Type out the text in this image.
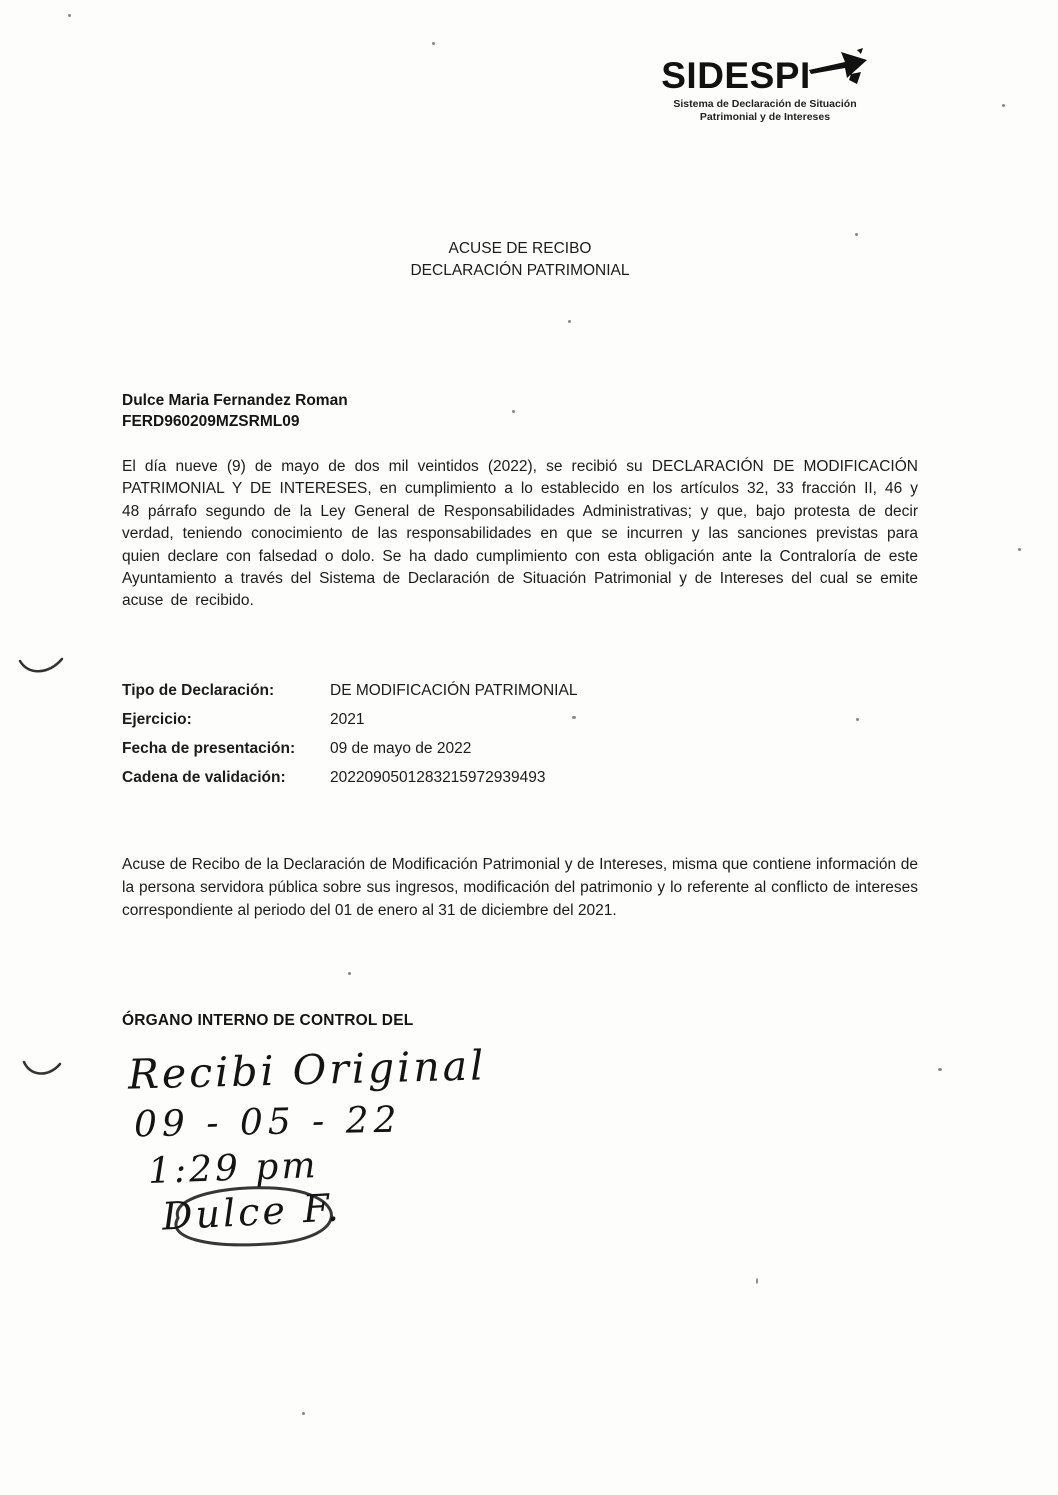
SIDESPI
Sistema de Declaración de Situación
Patrimonial y de Intereses
ACUSE DE RECIBO
DECLARACIÓN PATRIMONIAL
Dulce Maria Fernandez Roman
FERD960209MZSRML09
El día nueve (9) de mayo de dos mil veintidos (2022), se recibió su DECLARACIÓN DE MODIFICACIÓN PATRIMONIAL Y DE INTERESES, en cumplimiento a lo establecido en los artículos 32, 33 fracción II, 46 y 48 párrafo segundo de la Ley General de Responsabilidades Administrativas; y que, bajo protesta de decir verdad, teniendo conocimiento de las responsabilidades en que se incurren y las sanciones previstas para quien declare con falsedad o dolo. Se ha dado cumplimiento con esta obligación ante la Contraloría de este Ayuntamiento a través del Sistema de Declaración de Situación Patrimonial y de Intereses del cual se emite acuse de recibido.
Tipo de Declaración:	DE MODIFICACIÓN PATRIMONIAL
Ejercicio:	2021
Fecha de presentación:	09 de mayo de 2022
Cadena de validación:	2022090501283215972939493
Acuse de Recibo de la Declaración de Modificación Patrimonial y de Intereses, misma que contiene información de la persona servidora pública sobre sus ingresos, modificación del patrimonio y lo referente al conflicto de intereses correspondiente al periodo del 01 de enero al 31 de diciembre del 2021.
ÓRGANO INTERNO DE CONTROL DEL
Recibi Original
09 - 05 - 22
1:29 pm
Dulce F.
